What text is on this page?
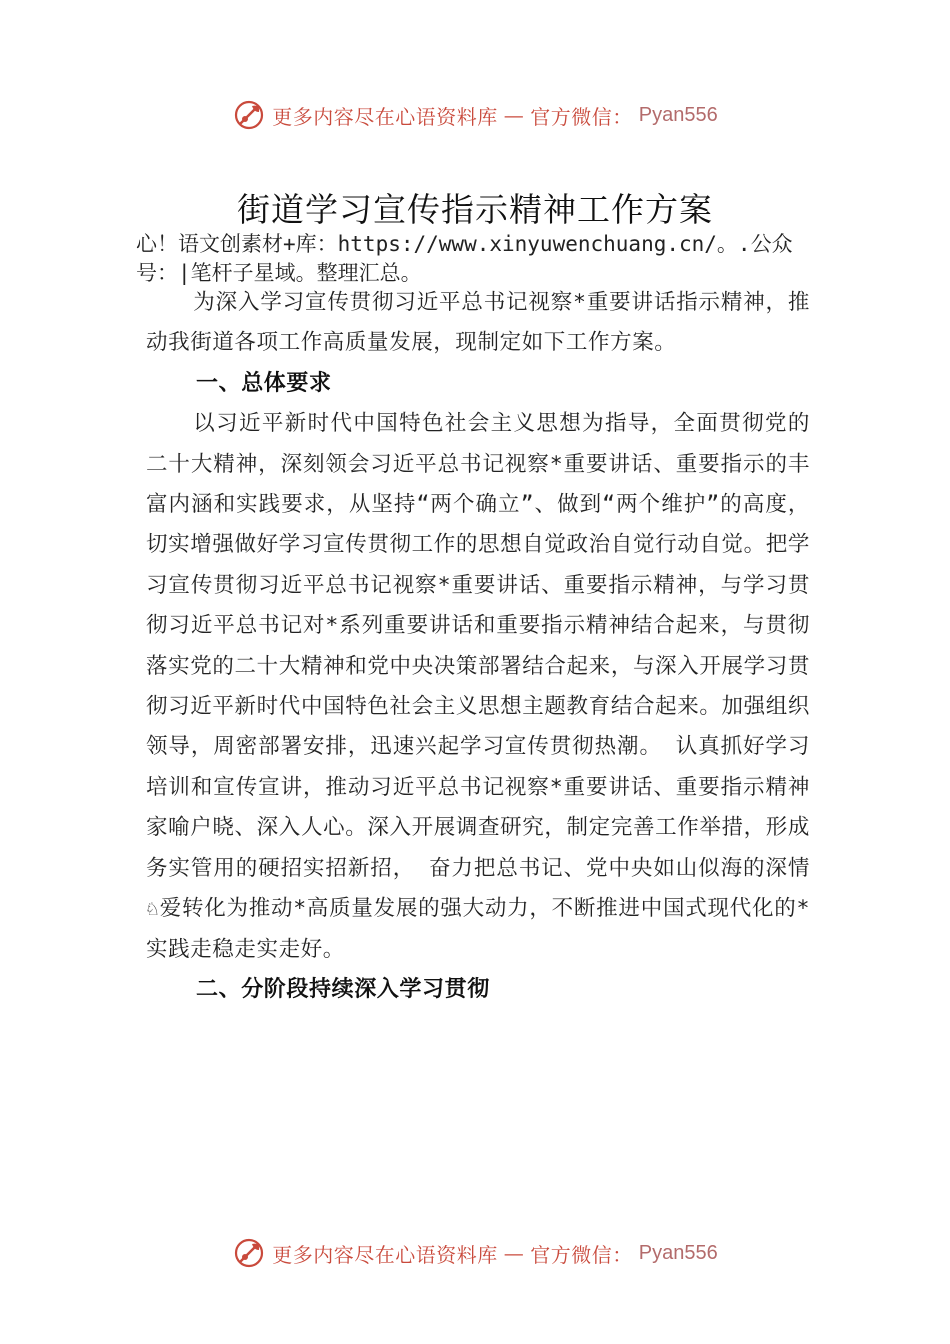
更多内容尽在心语资料库 — 官方微信： Pyan556
街道学习宣传指示精神工作方案

心！语文创素材+库：https://www.xinyuwenchuang.cn/。.公众号：|笔杆子星域。整理汇总。

为深入学习宣传贯彻习近平总书记视察*重要讲话指示精神，推动我街道各项工作高质量发展，现制定如下工作方案。

一、总体要求

以习近平新时代中国特色社会主义思想为指导，全面贯彻党的二十大精神，深刻领会习近平总书记视察*重要讲话、重要指示的丰富内涵和实践要求，从坚持“两个确立”、做到“两个维护”的高度，切实增强做好学习宣传贯彻工作的思想自觉政治自觉行动自觉。把学习宣传贯彻习近平总书记视察*重要讲话、重要指示精神，与学习贯彻习近平总书记对*系列重要讲话和重要指示精神结合起来，与贯彻落实党的二十大精神和党中央决策部署结合起来，与深入开展学习贯彻习近平新时代中国特色社会主义思想主题教育结合起来。加强组织领导，周密部署安排，迅速兴起学习宣传贯彻热潮。 认真抓好学习培训和宣传宣讲，推动习近平总书记视察*重要讲话、重要指示精神家喻户晓、深入人心。深入开展调查研究，制定完善工作举措，形成务实管用的硬招实招新招， 奋力把总书记、党中央如山似海的深情♘爱转化为推动*高质量发展的强大动力，不断推进中国式现代化的*实践走稳走实走好。

二、分阶段持续深入学习贯彻
更多内容尽在心语资料库 — 官方微信： Pyan556
